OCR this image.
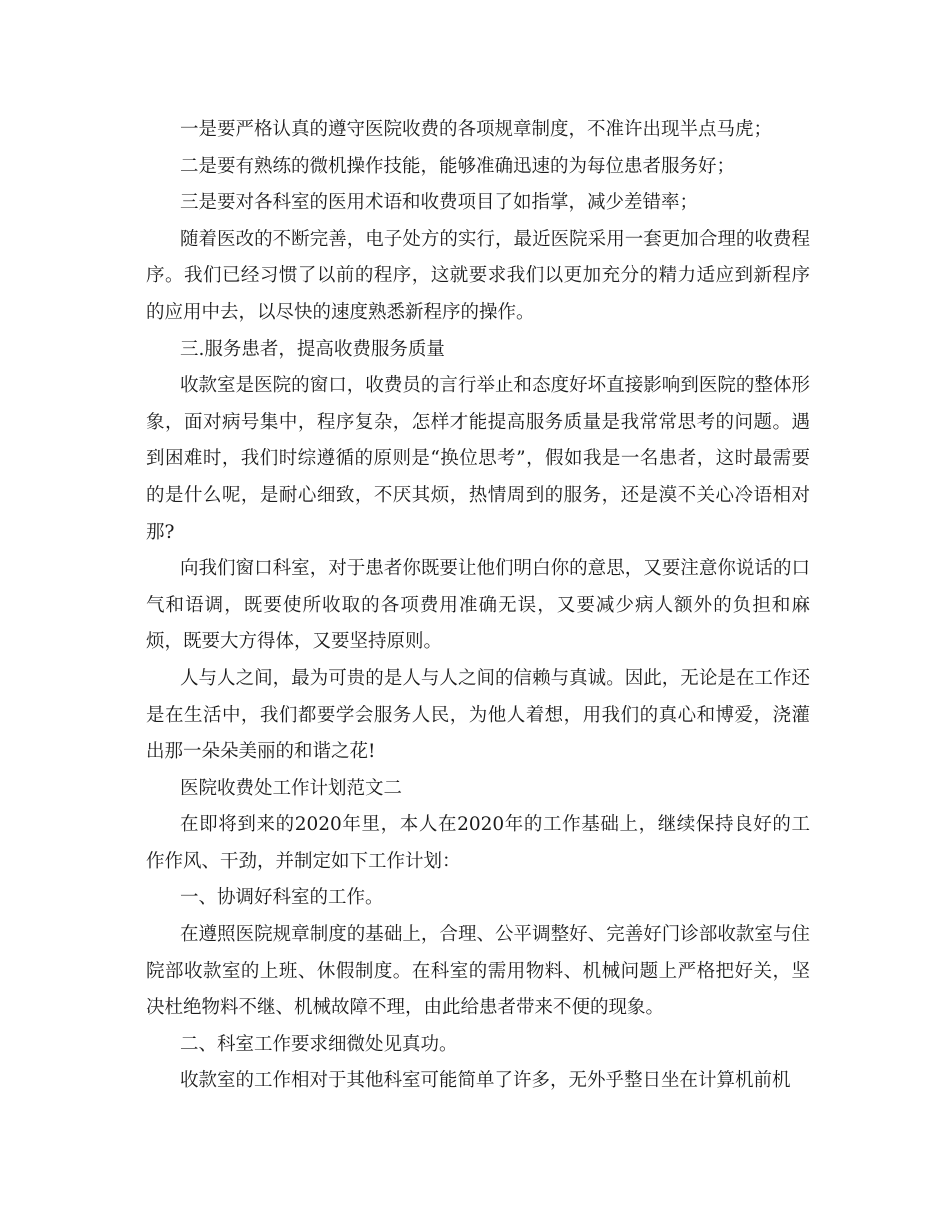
一是要严格认真的遵守医院收费的各项规章制度，不准许出现半点马虎；

二是要有熟练的微机操作技能，能够准确迅速的为每位患者服务好；

三是要对各科室的医用术语和收费项目了如指掌，减少差错率；

随着医改的不断完善，电子处方的实行，最近医院采用一套更加合理的收费程序。我们已经习惯了以前的程序，这就要求我们以更加充分的精力适应到新程序的应用中去，以尽快的速度熟悉新程序的操作。

三.服务患者，提高收费服务质量

收款室是医院的窗口，收费员的言行举止和态度好坏直接影响到医院的整体形象，面对病号集中，程序复杂，怎样才能提高服务质量是我常常思考的问题。遇到困难时，我们时综遵循的原则是“换位思考”，假如我是一名患者，这时最需要的是什么呢，是耐心细致，不厌其烦，热情周到的服务，还是漠不关心冷语相对那?

向我们窗口科室，对于患者你既要让他们明白你的意思，又要注意你说话的口气和语调，既要使所收取的各项费用准确无误，又要减少病人额外的负担和麻烦，既要大方得体，又要坚持原则。

人与人之间，最为可贵的是人与人之间的信赖与真诚。因此，无论是在工作还是在生活中，我们都要学会服务人民，为他人着想，用我们的真心和博爱，浇灌出那一朵朵美丽的和谐之花!

医院收费处工作计划范文二

在即将到来的2020年里，本人在2020年的工作基础上，继续保持良好的工作作风、干劲，并制定如下工作计划：

一、协调好科室的工作。

在遵照医院规章制度的基础上，合理、公平调整好、完善好门诊部收款室与住院部收款室的上班、休假制度。在科室的需用物料、机械问题上严格把好关，坚决杜绝物料不继、机械故障不理，由此给患者带来不便的现象。

二、科室工作要求细微处见真功。

收款室的工作相对于其他科室可能简单了许多，无外乎整日坐在计算机前机
